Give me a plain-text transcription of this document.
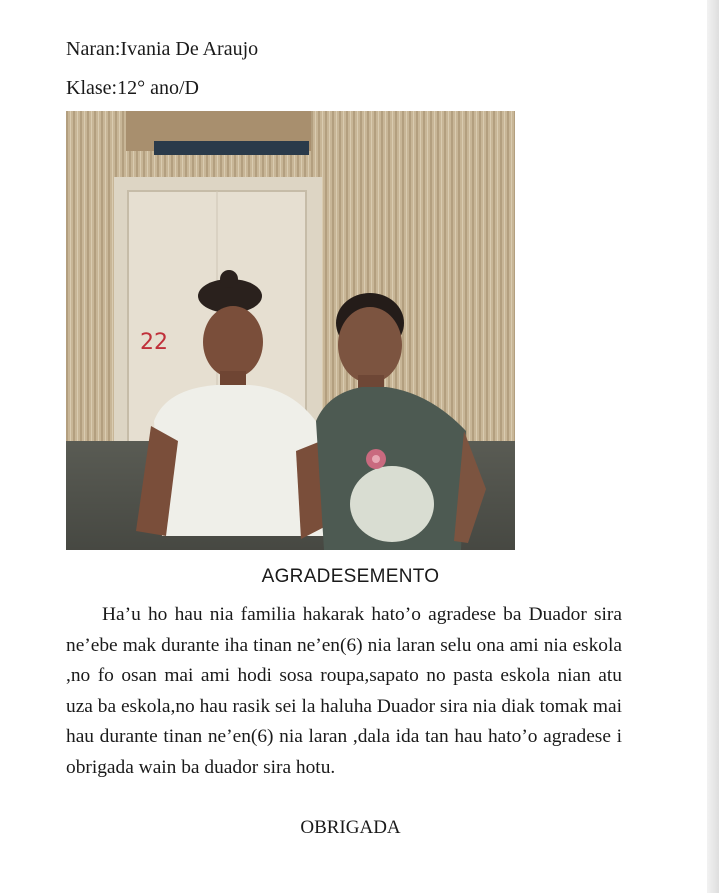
Naran:Ivania De Araujo
Klase:12° ano/D
22
AGRADESEMENTO

Ha’u ho hau nia familia hakarak hato’o agradese ba Duador sira ne’ebe mak durante iha tinan ne’en(6) nia laran selu ona ami nia eskola ,no fo osan mai ami hodi sosa roupa,sapato no pasta eskola nian atu uza ba eskola,no hau rasik sei la haluha Duador sira nia diak tomak mai hau durante tinan ne’en(6) nia laran ,dala ida tan hau hato’o agradese i obrigada wain ba duador sira hotu.

OBRIGADA
